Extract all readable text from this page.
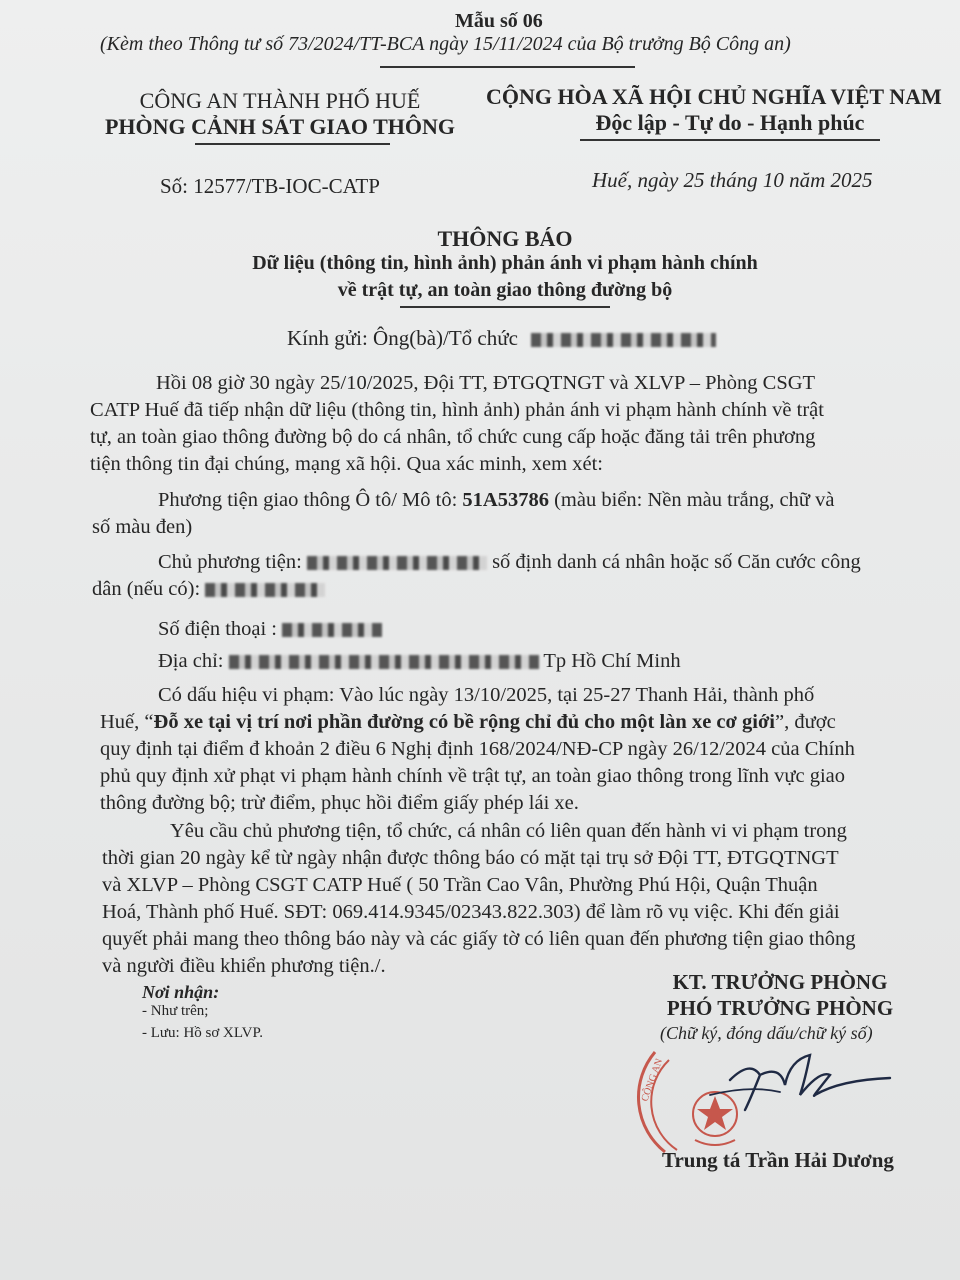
Mẫu số 06
(Kèm theo Thông tư số 73/2024/TT-BCA ngày 15/11/2024 của Bộ trưởng Bộ Công an)
CÔNG AN THÀNH PHỐ HUẾ
PHÒNG CẢNH SÁT GIAO THÔNG
CỘNG HÒA XÃ HỘI CHỦ NGHĨA VIỆT NAM
Độc lập - Tự do - Hạnh phúc
Số: 12577/TB-IOC-CATP	Huế, ngày 25 tháng 10 năm 2025
THÔNG BÁO
Dữ liệu (thông tin, hình ảnh) phản ánh vi phạm hành chính
về trật tự, an toàn giao thông đường bộ
Kính gửi: Ông(bà)/Tổ chức
Hồi 08 giờ 30 ngày 25/10/2025, Đội TT, ĐTGQTNGT và XLVP – Phòng CSGT
CATP Huế đã tiếp nhận dữ liệu (thông tin, hình ảnh) phản ánh vi phạm hành chính về trật
tự, an toàn giao thông đường bộ do cá nhân, tổ chức cung cấp hoặc đăng tải trên phương
tiện thông tin đại chúng, mạng xã hội. Qua xác minh, xem xét:
Phương tiện giao thông Ô tô/ Mô tô: 51A53786 (màu biển: Nền màu trắng, chữ và
số màu đen)
Chủ phương tiện:	số định danh cá nhân hoặc số Căn cước công
dân (nếu có):
Số điện thoại :
Địa chỉ:	Tp Hồ Chí Minh
Có dấu hiệu vi phạm: Vào lúc ngày 13/10/2025, tại 25-27 Thanh Hải, thành phố
Huế, “Đỗ xe tại vị trí nơi phần đường có bề rộng chỉ đủ cho một làn xe cơ giới”, được
quy định tại điểm đ khoản 2 điều 6 Nghị định 168/2024/NĐ-CP ngày 26/12/2024 của Chính
phủ quy định xử phạt vi phạm hành chính về trật tự, an toàn giao thông trong lĩnh vực giao
thông đường bộ; trừ điểm, phục hồi điểm giấy phép lái xe.
Yêu cầu chủ phương tiện, tổ chức, cá nhân có liên quan đến hành vi vi phạm trong
thời gian 20 ngày kể từ ngày nhận được thông báo có mặt tại trụ sở Đội TT, ĐTGQTNGT
và XLVP – Phòng CSGT CATP Huế ( 50 Trần Cao Vân, Phường Phú Hội, Quận Thuận
Hoá, Thành phố Huế. SĐT: 069.414.9345/02343.822.303) để làm rõ vụ việc. Khi đến giải
quyết phải mang theo thông báo này và các giấy tờ có liên quan đến phương tiện giao thông
và người điều khiển phương tiện./.
Nơi nhận:
- Như trên;
- Lưu: Hồ sơ XLVP.
KT. TRƯỞNG PHÒNG
PHÓ TRƯỞNG PHÒNG
(Chữ ký, đóng dấu/chữ ký số)
CÔNG AN
Trung tá Trần Hải Dương
